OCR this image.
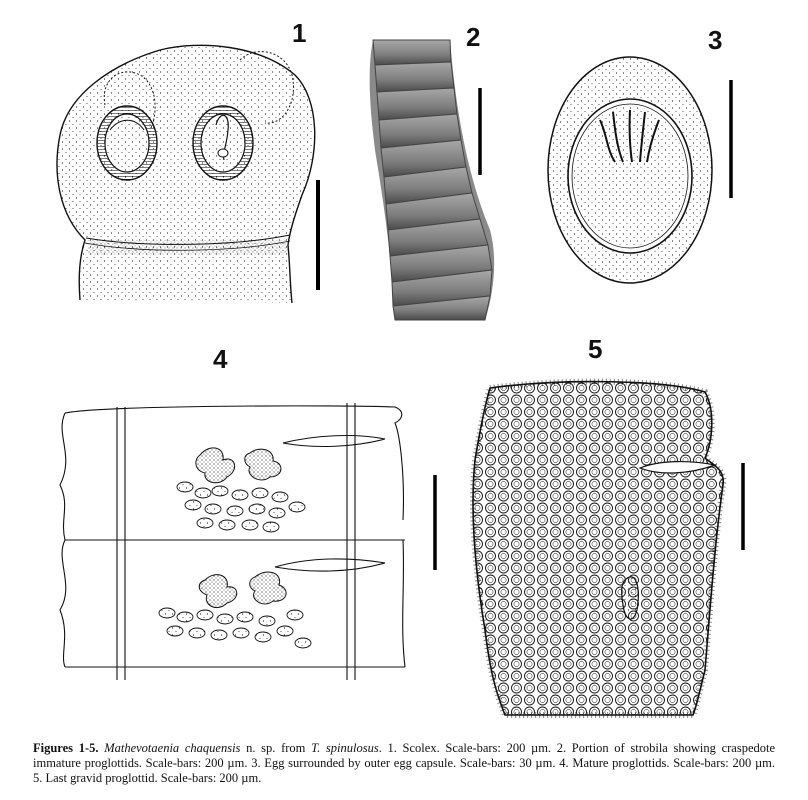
1	2	3
4	5
Figures 1-5. Mathevotaenia chaquensis n. sp. from T. spinulosus. 1. Scolex. Scale-bars: 200 µm. 2. Portion of strobila showing craspedote immature proglottids. Scale-bars: 200 µm. 3. Egg surrounded by outer egg capsule. Scale-bars: 30 µm. 4. Mature proglottids. Scale-bars: 200 µm. 5. Last gravid proglottid. Scale-bars: 200 µm.
